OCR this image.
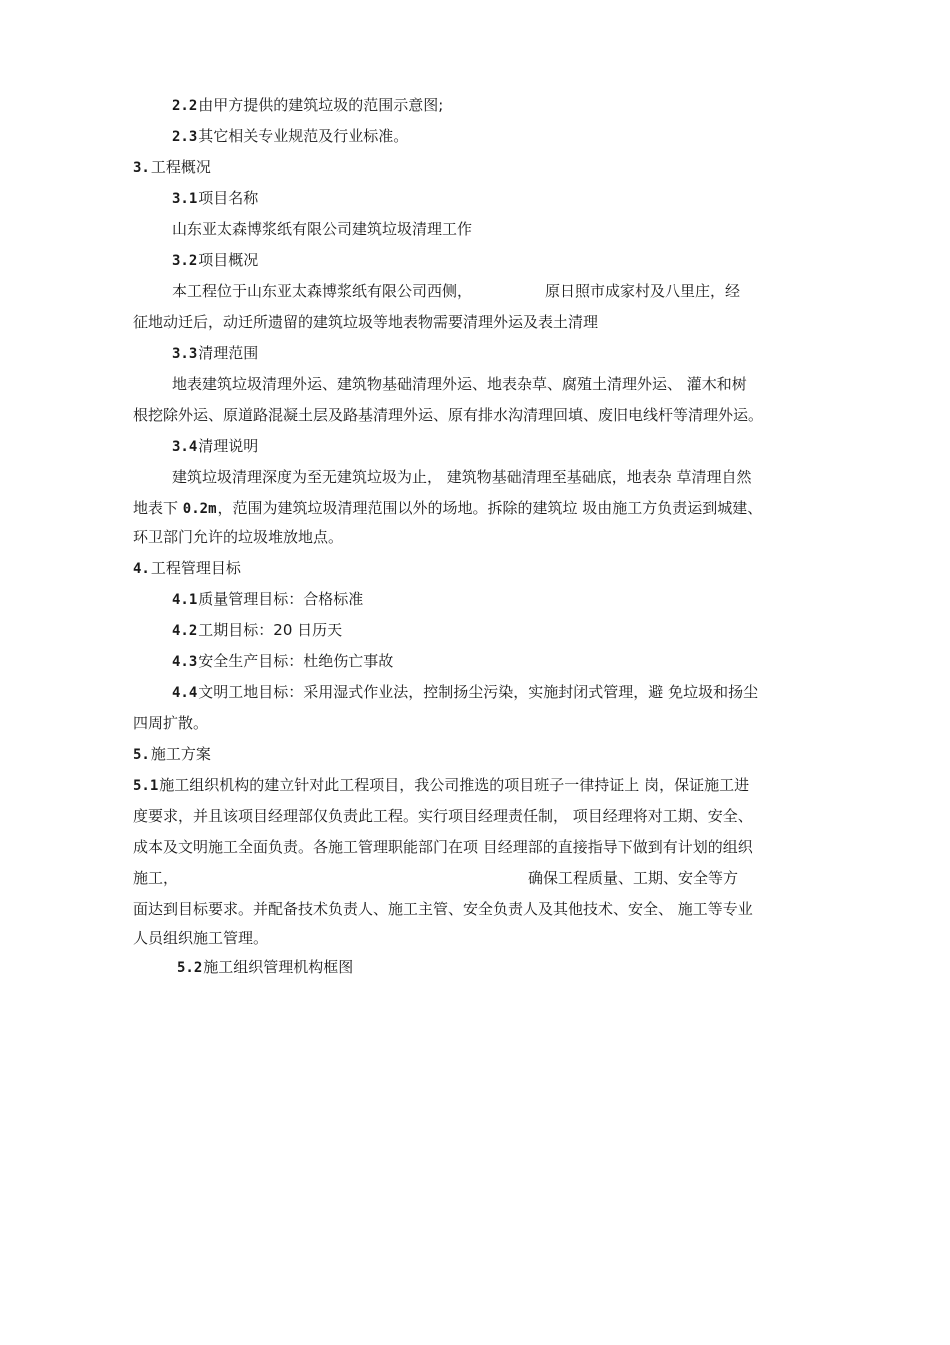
2.2由甲方提供的建筑垃圾的范围示意图;
2.3其它相关专业规范及行业标准。
3.工程概况
3.1项目名称
山东亚太森博浆纸有限公司建筑垃圾清理工作
3.2项目概况
本工程位于山东亚太森博浆纸有限公司西侧，	原日照市成家村及八里庄，经
征地动迁后，动迁所遗留的建筑垃圾等地表物需要清理外运及表土清理
3.3清理范围
地表建筑垃圾清理外运、建筑物基础清理外运、地表杂草、腐殖土清理外运、 灌木和树
根挖除外运、原道路混凝土层及路基清理外运、原有排水沟清理回填、废旧电线杆等清理外运。
3.4清理说明
建筑垃圾清理深度为至无建筑垃圾为止， 建筑物基础清理至基础底，地表杂 草清理自然
地表下 0.2m，范围为建筑垃圾清理范围以外的场地。拆除的建筑垃 圾由施工方负责运到城建、
环卫部门允许的垃圾堆放地点。
4.工程管理目标
4.1质量管理目标：合格标准
4.2工期目标：20 日历天
4.3安全生产目标：杜绝伤亡事故
4.4文明工地目标：采用湿式作业法，控制扬尘污染，实施封闭式管理，避 免垃圾和扬尘
四周扩散。
5.施工方案
5.1施工组织机构的建立针对此工程项目，我公司推选的项目班子一律持证上 岗，保证施工进
度要求，并且该项目经理部仅负责此工程。实行项目经理责任制， 项目经理将对工期、安全、
成本及文明施工全面负责。各施工管理职能部门在项 目经理部的直接指导下做到有计划的组织
施工，	确保工程质量、工期、安全等方
面达到目标要求。并配备技术负责人、施工主管、安全负责人及其他技术、安全、 施工等专业
人员组织施工管理。
5.2施工组织管理机构框图
